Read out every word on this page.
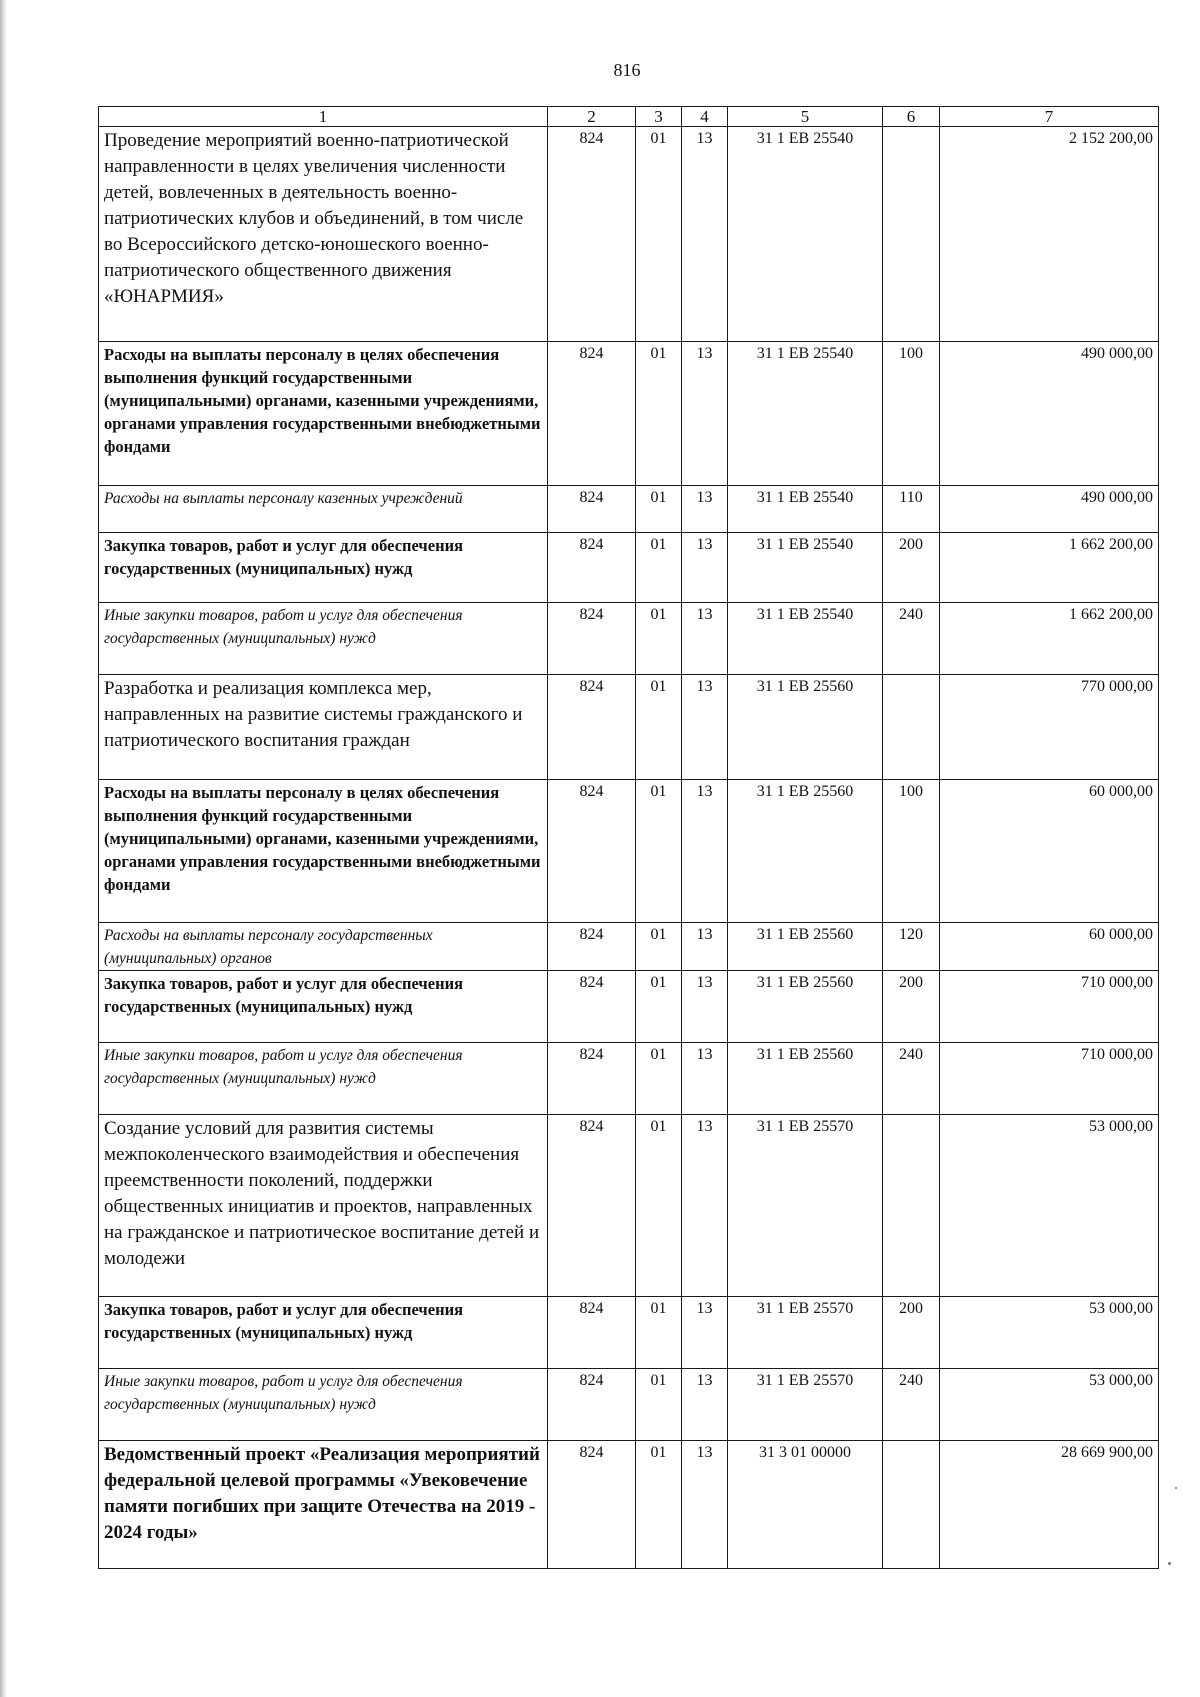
816
1	2	3	4	5	6	7
Проведение мероприятий военно-патриотической направленности в целях увеличения численности детей, вовлеченных в деятельность военно-патриотических клубов и объединений, в том числе во Всероссийского детско-юношеского военно-патриотического общественного движения «ЮНАРМИЯ»	824	01	13	31 1 EB 25540		2 152 200,00
Расходы на выплаты персоналу в целях обеспечения выполнения функций государственными (муниципальными) органами, казенными учреждениями, органами управления государственными внебюджетными фондами	824	01	13	31 1 EB 25540	100	490 000,00
Расходы на выплаты персоналу казенных учреждений	824	01	13	31 1 EB 25540	110	490 000,00
Закупка товаров, работ и услуг для обеспечения государственных (муниципальных) нужд	824	01	13	31 1 EB 25540	200	1 662 200,00
Иные закупки товаров, работ и услуг для обеспечения государственных (муниципальных) нужд	824	01	13	31 1 EB 25540	240	1 662 200,00
Разработка и реализация комплекса мер, направленных на развитие системы гражданского и патриотического воспитания граждан	824	01	13	31 1 EB 25560		770 000,00
Расходы на выплаты персоналу в целях обеспечения выполнения функций государственными (муниципальными) органами, казенными учреждениями, органами управления государственными внебюджетными фондами	824	01	13	31 1 EB 25560	100	60 000,00
Расходы на выплаты персоналу государственных (муниципальных) органов	824	01	13	31 1 EB 25560	120	60 000,00
Закупка товаров, работ и услуг для обеспечения государственных (муниципальных) нужд	824	01	13	31 1 EB 25560	200	710 000,00
Иные закупки товаров, работ и услуг для обеспечения государственных (муниципальных) нужд	824	01	13	31 1 EB 25560	240	710 000,00
Создание условий для развития системы межпоколенческого взаимодействия и обеспечения преемственности поколений, поддержки общественных инициатив и проектов, направленных на гражданское и патриотическое воспитание детей и молодежи	824	01	13	31 1 EB 25570		53 000,00
Закупка товаров, работ и услуг для обеспечения государственных (муниципальных) нужд	824	01	13	31 1 EB 25570	200	53 000,00
Иные закупки товаров, работ и услуг для обеспечения государственных (муниципальных) нужд	824	01	13	31 1 EB 25570	240	53 000,00
Ведомственный проект «Реализация мероприятий федеральной целевой программы «Увековечение памяти погибших при защите Отечества на 2019 - 2024 годы»	824	01	13	31 3 01 00000		28 669 900,00
